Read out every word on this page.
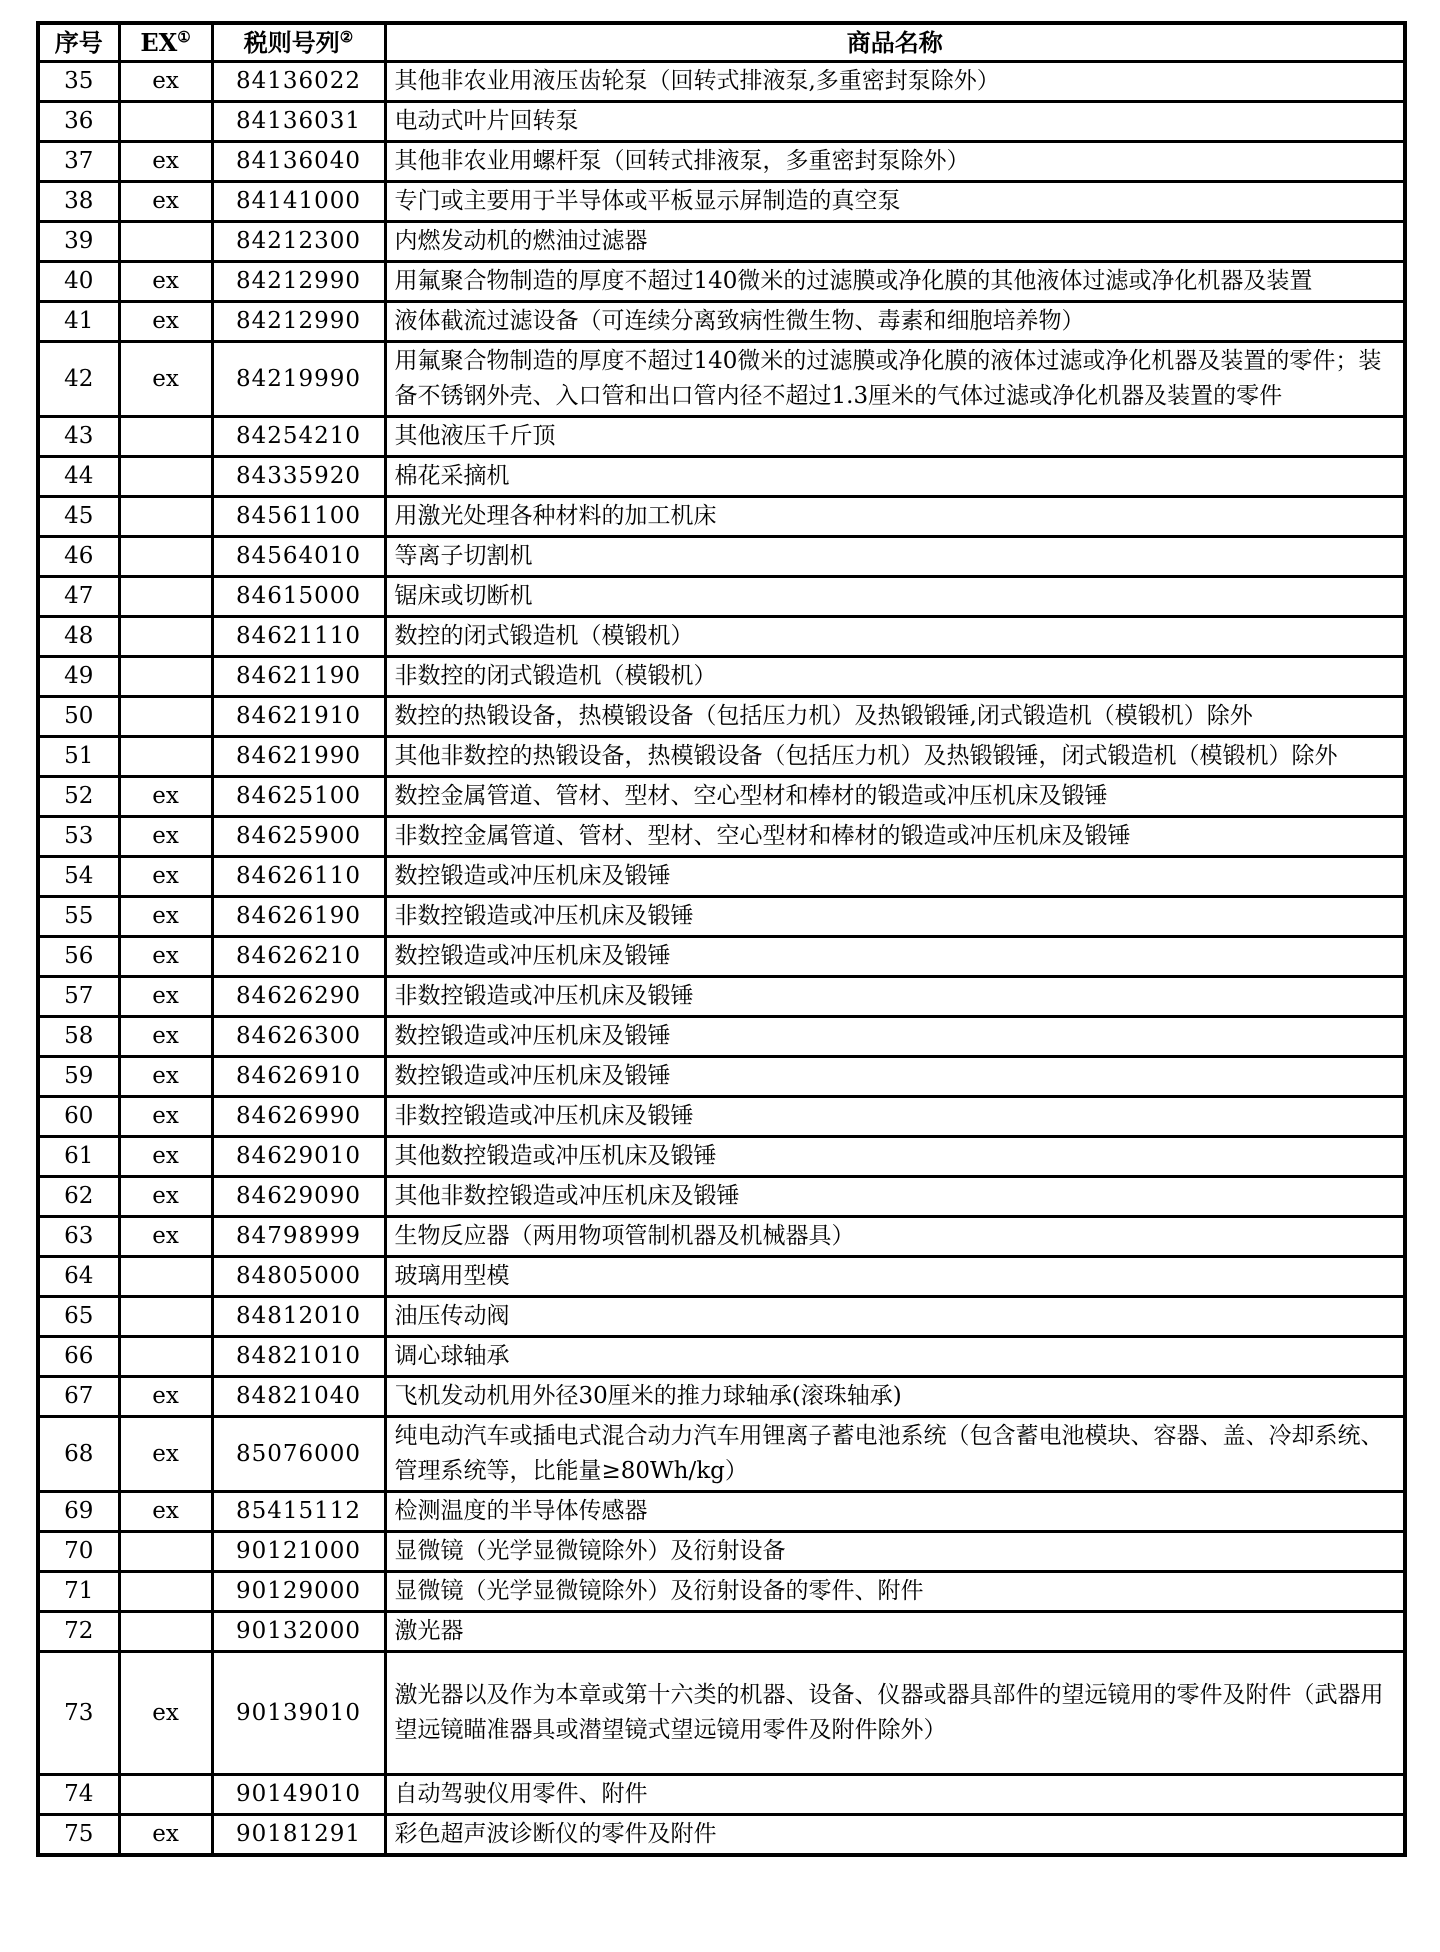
序号	EX①	税则号列②	商品名称
35	ex	84136022	其他非农业用液压齿轮泵（回转式排液泵,多重密封泵除外）
36		84136031	电动式叶片回转泵
37	ex	84136040	其他非农业用螺杆泵（回转式排液泵，多重密封泵除外）
38	ex	84141000	专门或主要用于半导体或平板显示屏制造的真空泵
39		84212300	内燃发动机的燃油过滤器
40	ex	84212990	用氟聚合物制造的厚度不超过140微米的过滤膜或净化膜的其他液体过滤或净化机器及装置
41	ex	84212990	液体截流过滤设备（可连续分离致病性微生物、毒素和细胞培养物）
42	ex	84219990	用氟聚合物制造的厚度不超过140微米的过滤膜或净化膜的液体过滤或净化机器及装置的零件；装备不锈钢外壳、入口管和出口管内径不超过1.3厘米的气体过滤或净化机器及装置的零件
43		84254210	其他液压千斤顶
44		84335920	棉花采摘机
45		84561100	用激光处理各种材料的加工机床
46		84564010	等离子切割机
47		84615000	锯床或切断机
48		84621110	数控的闭式锻造机（模锻机）
49		84621190	非数控的闭式锻造机（模锻机）
50		84621910	数控的热锻设备，热模锻设备（包括压力机）及热锻锻锤,闭式锻造机（模锻机）除外
51		84621990	其他非数控的热锻设备，热模锻设备（包括压力机）及热锻锻锤，闭式锻造机（模锻机）除外
52	ex	84625100	数控金属管道、管材、型材、空心型材和棒材的锻造或冲压机床及锻锤
53	ex	84625900	非数控金属管道、管材、型材、空心型材和棒材的锻造或冲压机床及锻锤
54	ex	84626110	数控锻造或冲压机床及锻锤
55	ex	84626190	非数控锻造或冲压机床及锻锤
56	ex	84626210	数控锻造或冲压机床及锻锤
57	ex	84626290	非数控锻造或冲压机床及锻锤
58	ex	84626300	数控锻造或冲压机床及锻锤
59	ex	84626910	数控锻造或冲压机床及锻锤
60	ex	84626990	非数控锻造或冲压机床及锻锤
61	ex	84629010	其他数控锻造或冲压机床及锻锤
62	ex	84629090	其他非数控锻造或冲压机床及锻锤
63	ex	84798999	生物反应器（两用物项管制机器及机械器具）
64		84805000	玻璃用型模
65		84812010	油压传动阀
66		84821010	调心球轴承
67	ex	84821040	飞机发动机用外径30厘米的推力球轴承(滚珠轴承)
68	ex	85076000	纯电动汽车或插电式混合动力汽车用锂离子蓄电池系统（包含蓄电池模块、容器、盖、冷却系统、管理系统等，比能量≥80Wh/kg）
69	ex	85415112	检测温度的半导体传感器
70		90121000	显微镜（光学显微镜除外）及衍射设备
71		90129000	显微镜（光学显微镜除外）及衍射设备的零件、附件
72		90132000	激光器
73	ex	90139010	激光器以及作为本章或第十六类的机器、设备、仪器或器具部件的望远镜用的零件及附件（武器用望远镜瞄准器具或潜望镜式望远镜用零件及附件除外）
74		90149010	自动驾驶仪用零件、附件
75	ex	90181291	彩色超声波诊断仪的零件及附件
